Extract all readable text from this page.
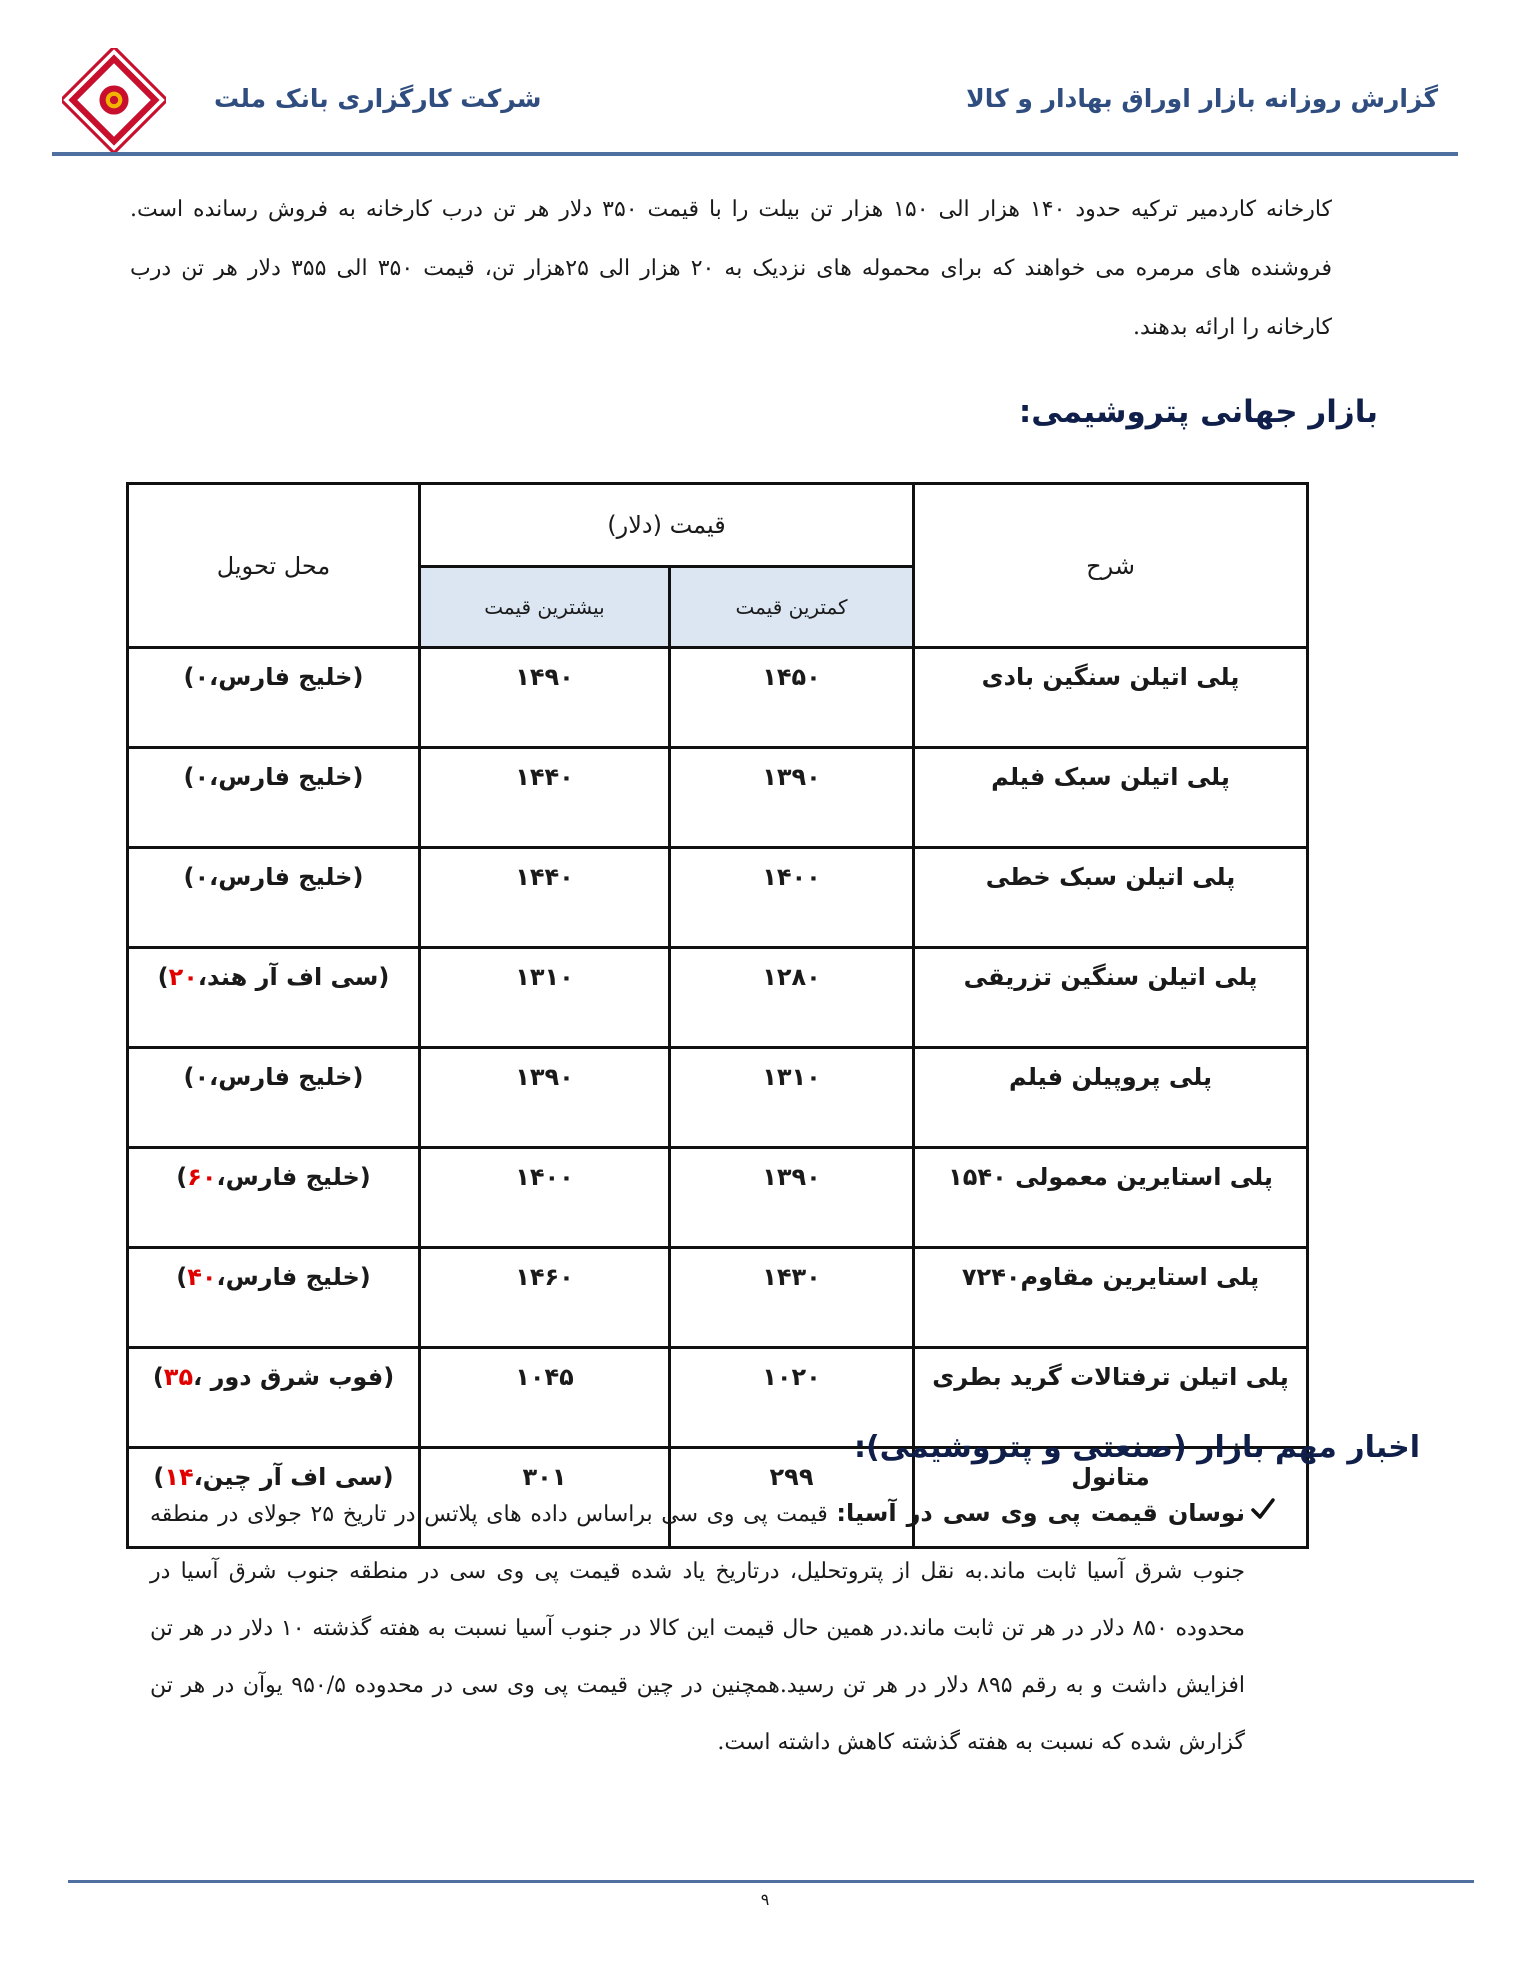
شرکت کارگزاری بانک ملت	گزارش روزانه بازار اوراق بهادار و کالا
کارخانه کاردمیر ترکیه حدود ۱۴۰ هزار الی ۱۵۰ هزار تن بیلت را با قیمت ۳۵۰ دلار هر تن درب کارخانه به فروش رسانده است. فروشنده های مرمره می خواهند که برای محموله های نزدیک به ۲۰ هزار الی ۲۵هزار تن، قیمت ۳۵۰ الی ۳۵۵ دلار هر تن درب کارخانه را ارائه بدهند.
بازار جهانی پتروشیمی:
شرح	قیمت (دلار)		محل تحویل
	کمترین قیمت	بیشترین قیمت	
پلی اتیلن سنگین بادی	۱۴۵۰	۱۴۹۰	(خلیج فارس،۰)
پلی اتیلن سبک فیلم	۱۳۹۰	۱۴۴۰	(خلیج فارس،۰)
پلی اتیلن سبک خطی	۱۴۰۰	۱۴۴۰	(خلیج فارس،۰)
پلی اتیلن سنگین تزریقی	۱۲۸۰	۱۳۱۰	(سی اف آر هند،۲۰)
پلی پروپیلن فیلم	۱۳۱۰	۱۳۹۰	(خلیج فارس،۰)
پلی استایرین معمولی ۱۵۴۰	۱۳۹۰	۱۴۰۰	(خلیج فارس،۶۰)
پلی استایرین مقاوم۷۲۴۰	۱۴۳۰	۱۴۶۰	(خلیج فارس،۴۰)
پلی اتیلن ترفتالات گرید بطری	۱۰۲۰	۱۰۴۵	(فوب شرق دور ،۳۵)
متانول	۲۹۹	۳۰۱	(سی اف آر چین،۱۴)
اخبار مهم بازار (صنعتی و پتروشیمی):
نوسان قیمت پی وی سی در آسیا: قیمت پی وی سی براساس داده های پلاتس در تاریخ ۲۵ جولای در منطقه جنوب شرق آسیا ثابت ماند.به نقل از پتروتحلیل، درتاریخ یاد شده قیمت پی وی سی در منطقه جنوب شرق آسیا در محدوده ۸۵۰ دلار در هر تن ثابت ماند.در همین حال قیمت این کالا در جنوب آسیا نسبت به هفته گذشته ۱۰ دلار در هر تن افزایش داشت و به رقم ۸۹۵ دلار در هر تن رسید.همچنین در چین قیمت پی وی سی در محدوده ۹۵۰/۵ یوآن در هر تن گزارش شده که نسبت به هفته گذشته کاهش داشته است.
۹
